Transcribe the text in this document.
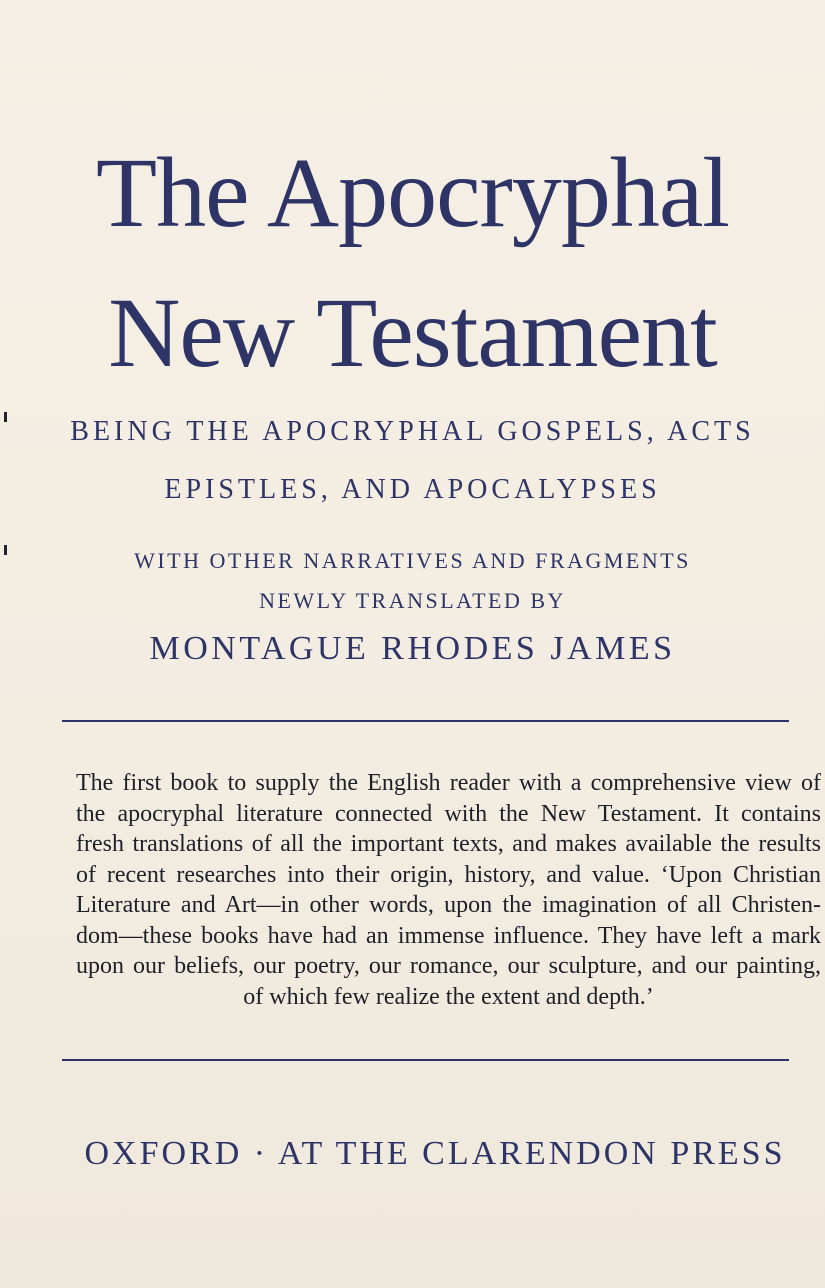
The Apocryphal
New Testament
BEING THE APOCRYPHAL GOSPELS, ACTS
EPISTLES, AND APOCALYPSES
WITH OTHER NARRATIVES AND FRAGMENTS
NEWLY TRANSLATED BY
MONTAGUE RHODES JAMES
The first book to supply the English reader with a comprehensive view of
the apocryphal literature connected with the New Testament. It contains
fresh translations of all the important texts, and makes available the results
of recent researches into their origin, history, and value. ‘Upon Christian
Literature and Art—in other words, upon the imagination of all Christen-
dom—these books have had an immense influence. They have left a mark
upon our beliefs, our poetry, our romance, our sculpture, and our painting,
of which few realize the extent and depth.’
OXFORD · AT THE CLARENDON PRESS
